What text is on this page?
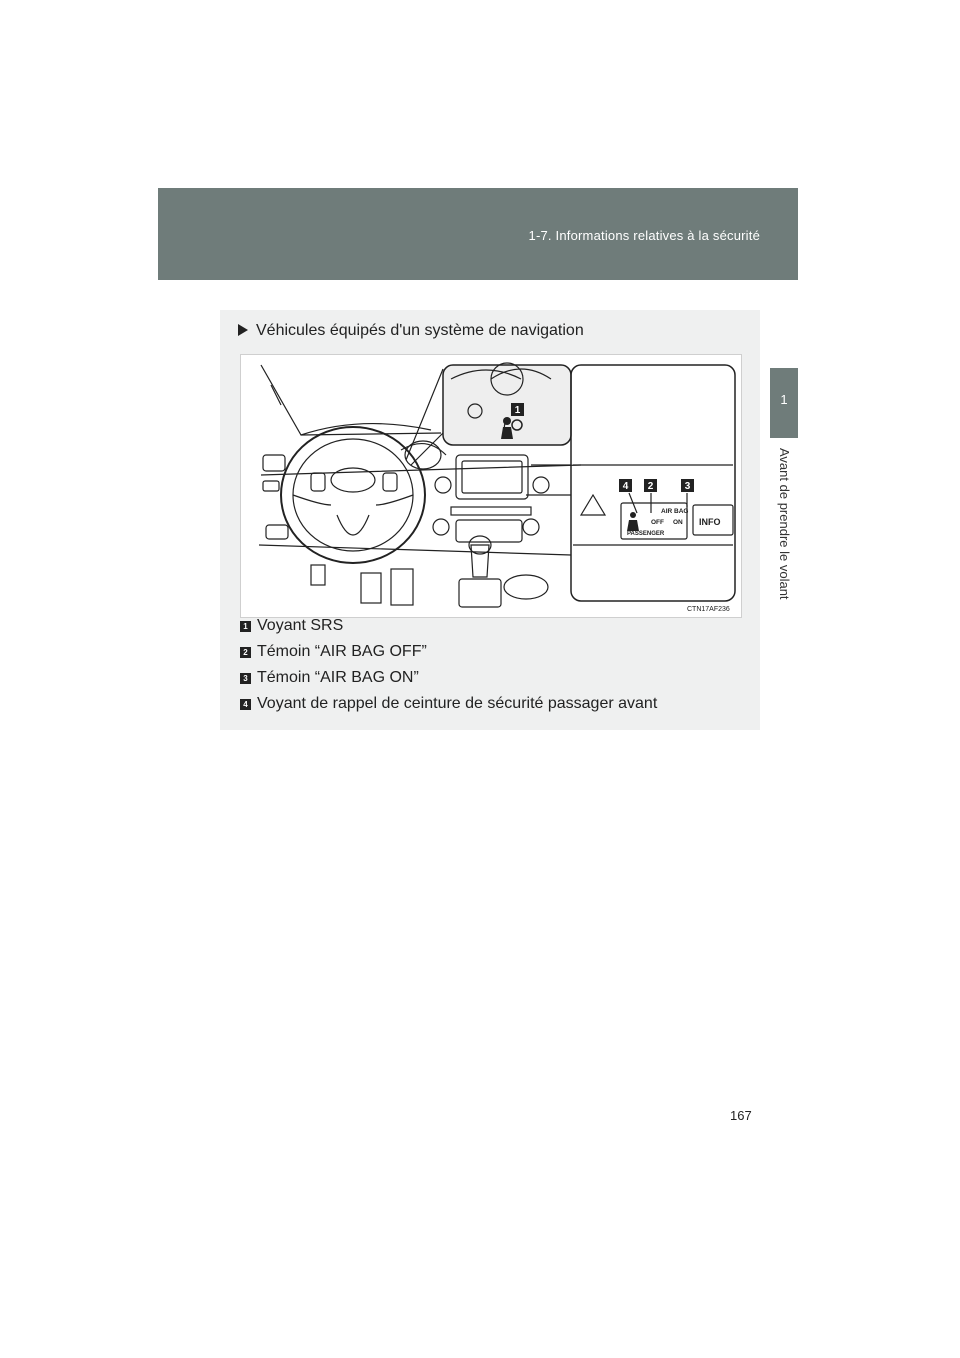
1-7. Informations relatives à la sécurité
1
Avant de prendre le volant
Véhicules équipés d'un système de navigation
1
4 2	3
AIR BAG
OFF ON
PASSENGER
INFO
CTN17AF236
1 Voyant SRS
2 Témoin “AIR BAG OFF”
3 Témoin “AIR BAG ON”
4 Voyant de rappel de ceinture de sécurité passager avant
167
